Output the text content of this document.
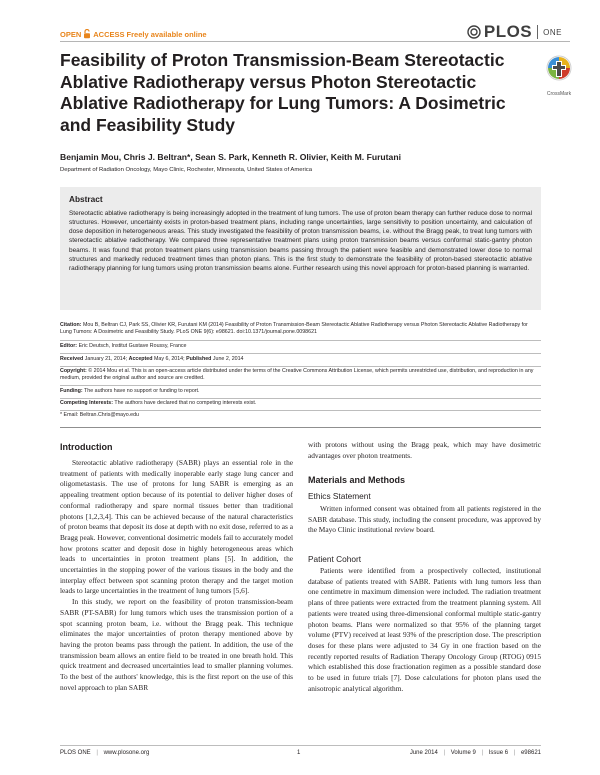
OPEN ACCESS Freely available online	PLOS ONE
Feasibility of Proton Transmission-Beam Stereotactic Ablative Radiotherapy versus Photon Stereotactic Ablative Radiotherapy for Lung Tumors: A Dosimetric and Feasibility Study
CrossMark
Benjamin Mou, Chris J. Beltran*, Sean S. Park, Kenneth R. Olivier, Keith M. Furutani
Department of Radiation Oncology, Mayo Clinic, Rochester, Minnesota, United States of America
Abstract
Stereotactic ablative radiotherapy is being increasingly adopted in the treatment of lung tumors. The use of proton beam therapy can further reduce dose to normal structures. However, uncertainty exists in proton-based treatment plans, including range uncertainties, large sensitivity to position uncertainty, and calculation of dose deposition in heterogeneous areas. This study investigated the feasibility of proton transmission beams, i.e. without the Bragg peak, to treat lung tumors with stereotactic ablative radiotherapy. We compared three representative treatment plans using proton transmission beams versus conformal static-gantry photon beams. It was found that proton treatment plans using transmission beams passing through the patient were feasible and demonstrated lower dose to normal structures and markedly reduced treatment times than photon plans. This is the first study to demonstrate the feasibility of proton-based stereotactic ablative radiotherapy planning for lung tumors using proton transmission beams alone. Further research using this novel approach for proton-based planning is warranted.
Citation: Mou B, Beltran CJ, Park SS, Olivier KR, Furutani KM (2014) Feasibility of Proton Transmission-Beam Stereotactic Ablative Radiotherapy versus Photon Stereotactic Ablative Radiotherapy for Lung Tumors: A Dosimetric and Feasibility Study. PLoS ONE 9(6): e98621. doi:10.1371/journal.pone.0098621
Editor: Eric Deutsch, Institut Gustave Roussy, France
Received January 21, 2014; Accepted May 6, 2014; Published June 2, 2014
Copyright: © 2014 Mou et al. This is an open-access article distributed under the terms of the Creative Commons Attribution License, which permits unrestricted use, distribution, and reproduction in any medium, provided the original author and source are credited.
Funding: The authors have no support or funding to report.
Competing Interests: The authors have declared that no competing interests exist.
* Email: Beltran.Chris@mayo.edu
Introduction

Stereotactic ablative radiotherapy (SABR) plays an essential role in the treatment of patients with medically inoperable early stage lung cancer and oligometastasis. The use of protons for lung SABR is emerging as an appealing treatment option because of its potential to deliver higher doses of conformal radiotherapy and spare normal tissues better than traditional photons [1,2,3,4]. This can be achieved because of the natural characteristics of proton beams that deposit its dose at depth with no exit dose, referred to as a Bragg peak. However, conventional dosimetric models fail to accurately model how protons scatter and deposit dose in highly heterogeneous areas which leads to uncertainties in proton treatment plans [5]. In addition, the uncertainties in the stopping power of the various tissues in the body and the interplay effect between spot scanning proton therapy and the target motion leads to large uncertainties in the treatment of lung tumors [5,6].

In this study, we report on the feasibility of proton transmission-beam SABR (PT-SABR) for lung tumors which uses the transmission portion of a spot scanning proton beam, i.e. without the Bragg peak. This technique eliminates the major uncertainties of proton therapy mentioned above by having the proton beams pass through the patient. In addition, the use of the transmission beam allows an entire field to be treated in one breath hold. This quick treatment and decreased uncertainties lead to smaller planning volumes. To the best of the authors' knowledge, this is the first report on the use of this novel approach to plan SABR

with protons without using the Bragg peak, which may have dosimetric advantages over photon treatments.

Materials and Methods
Ethics Statement

Written informed consent was obtained from all patients registered in the SABR database. This study, including the consent procedure, was approved by the Mayo Clinic institutional review board.

Patient Cohort

Patients were identified from a prospectively collected, institutional database of patients treated with SABR. Patients with lung tumors less than one centimetre in maximum dimension were included. The radiation treatment plans of three patients were extracted from the treatment planning system. All patients were treated using three-dimensional conformal multiple static-gantry photon beams. Plans were normalized so that 95% of the planning target volume (PTV) received at least 93% of the prescription dose. The prescription doses for these plans were adjusted to 34 Gy in one fraction based on the recently reported results of Radiation Therapy Oncology Group (RTOG) 0915 which established this dose fractionation regimen as a possible standard dose to be used in future trials [7]. Dose calculations for photon plans used the anisotropic analytical algorithm.

PLOS ONE | www.plosone.org	1	June 2014 | Volume 9 | Issue 6 | e98621
